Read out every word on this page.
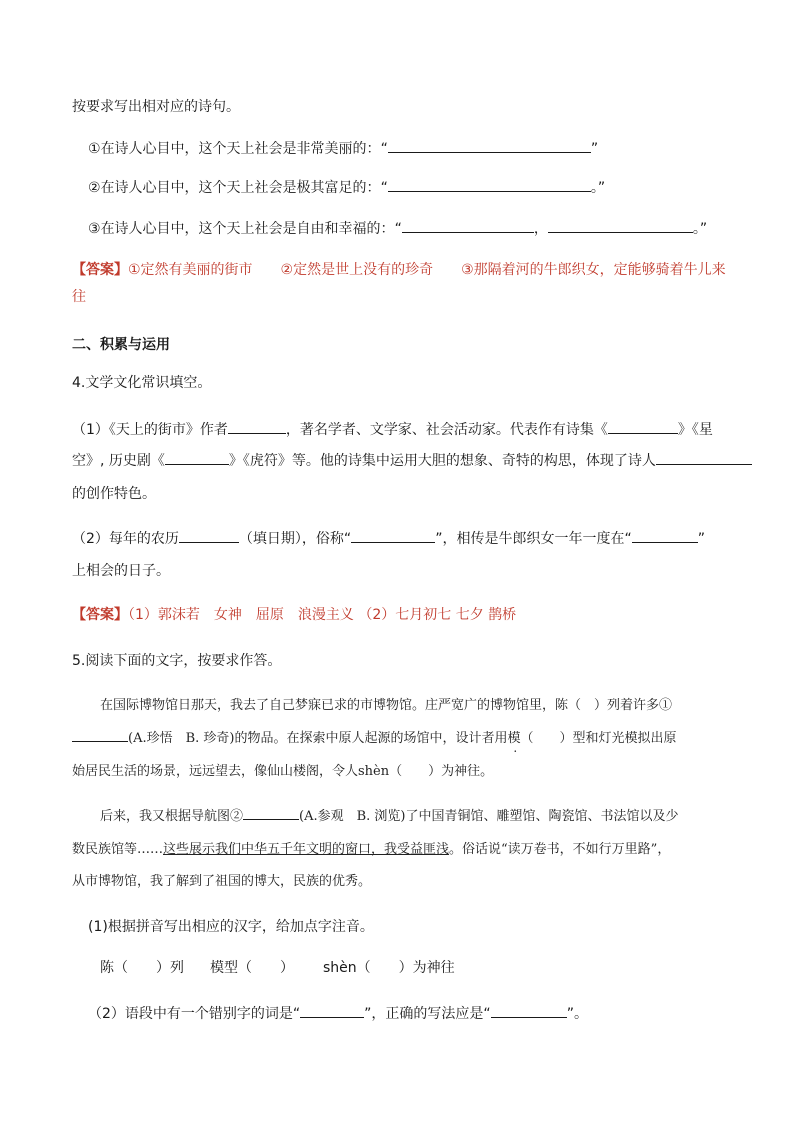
按要求写出相对应的诗句。
①在诗人心目中，这个天上社会是非常美丽的：“	”
②在诗人心目中，这个天上社会是极其富足的：“	。”
③在诗人心目中，这个天上社会是自由和幸福的：“	，	。”
【答案】①定然有美丽的街市　　②定然是世上没有的珍奇　　③那隔着河的牛郎织女，定能够骑着牛儿来
往
二、积累与运用
4.文学文化常识填空。
（1）《天上的街市》作者	，著名学者、文学家、社会活动家。代表作有诗集《	》《星
空》, 历史剧《	》《虎符》等。他的诗集中运用大胆的想象、奇特的构思，体现了诗人
的创作特色。
（2）每年的农历	（填日期），俗称“	”，相传是牛郎织女一年一度在“	”
上相会的日子。
【答案】（1）郭沫若　女神　屈原　浪漫主义 （2）七月初七 七夕 鹊桥
5.阅读下面的文字，按要求作答。
在国际博物馆日那天，我去了自己梦寐已求的市博物馆。庄严宽广的博物馆里，陈（　）列着许多①
(A.珍悟　B. 珍奇)的物品。在探索中原人起源的场馆中，设计者用模（　　）型和灯光模拟出原
始居民生活的场景，远远望去，像仙山楼阁，令人shèn（　　）为神往。
后来，我又根据导航图②	(A.参观　B. 浏览)了中国青铜馆、雕塑馆、陶瓷馆、书法馆以及少
数民族馆等……这些展示我们中华五千年文明的窗口，我受益匪浅。俗话说“读万卷书，不如行万里路”，
从市博物馆，我了解到了祖国的博大，民族的优秀。
(1)根据拼音写出相应的汉字，给加点字注音。
陈（　　）列 模型（　　） shèn（　　）为神往
（2）语段中有一个错别字的词是“	”，正确的写法应是“	”。
